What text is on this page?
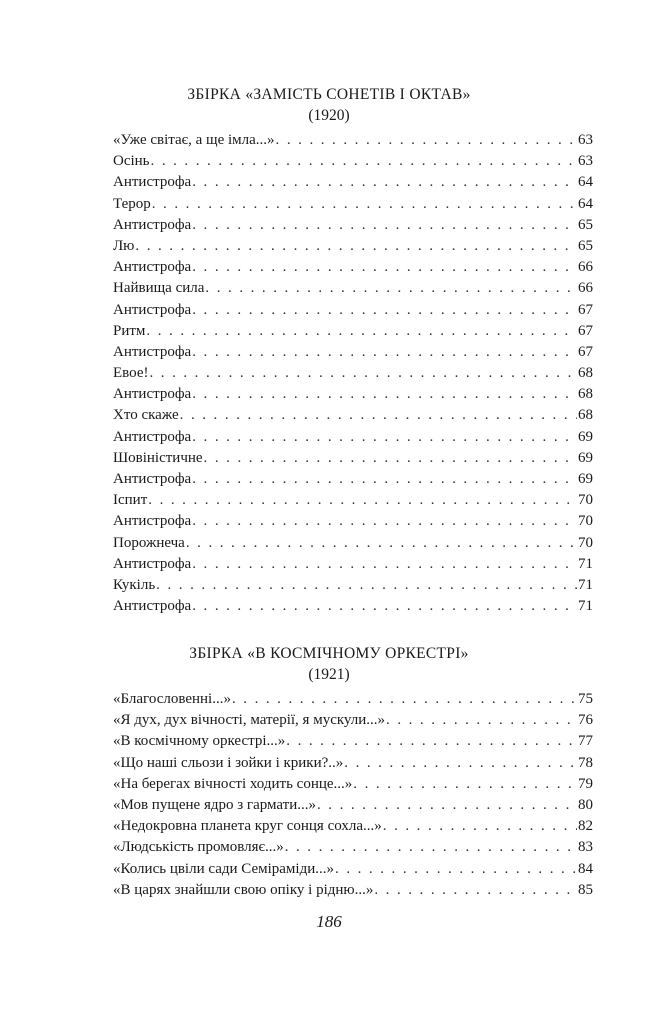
ЗБІРКА «ЗАМІСТЬ СОНЕТІВ І ОКТАВ»
(1920)
«Уже світає, а ще імла...» . . .	63
Осінь . . .	63
Антистрофа . . .	64
Терор . . .	64
Антистрофа . . .	65
Лю . . .	65
Антистрофа . . .	66
Найвища сила . . .	66
Антистрофа . . .	67
Ритм . . .	67
Антистрофа . . .	67
Евое! . . .	68
Антистрофа . . .	68
Хто скаже . . .	68
Антистрофа . . .	69
Шовіністичне . . .	69
Антистрофа . . .	69
Іспит . . .	70
Антистрофа . . .	70
Порожнеча . . .	70
Антистрофа . . .	71
Кукіль . . .	71
Антистрофа . . .	71
ЗБІРКА «В КОСМІЧНОМУ ОРКЕСТРІ»
(1921)
«Благословенні...» . . .	75
«Я дух, дух вічності, матерії, я мускули...» . . .	76
«В космічному оркестрі...» . . .	77
«Що наші сльози і зойки і крики?..» . . .	78
«На берегах вічності ходить сонце...» . . .	79
«Мов пущене ядро з гармати...» . . .	80
«Недокровна планета круг сонця сохла...» . . .	82
«Людськість промовляє...» . . .	83
«Колись цвіли сади Семіраміди...» . . .	84
«В царях знайшли свою опіку і рідню...» . . .	85
186
